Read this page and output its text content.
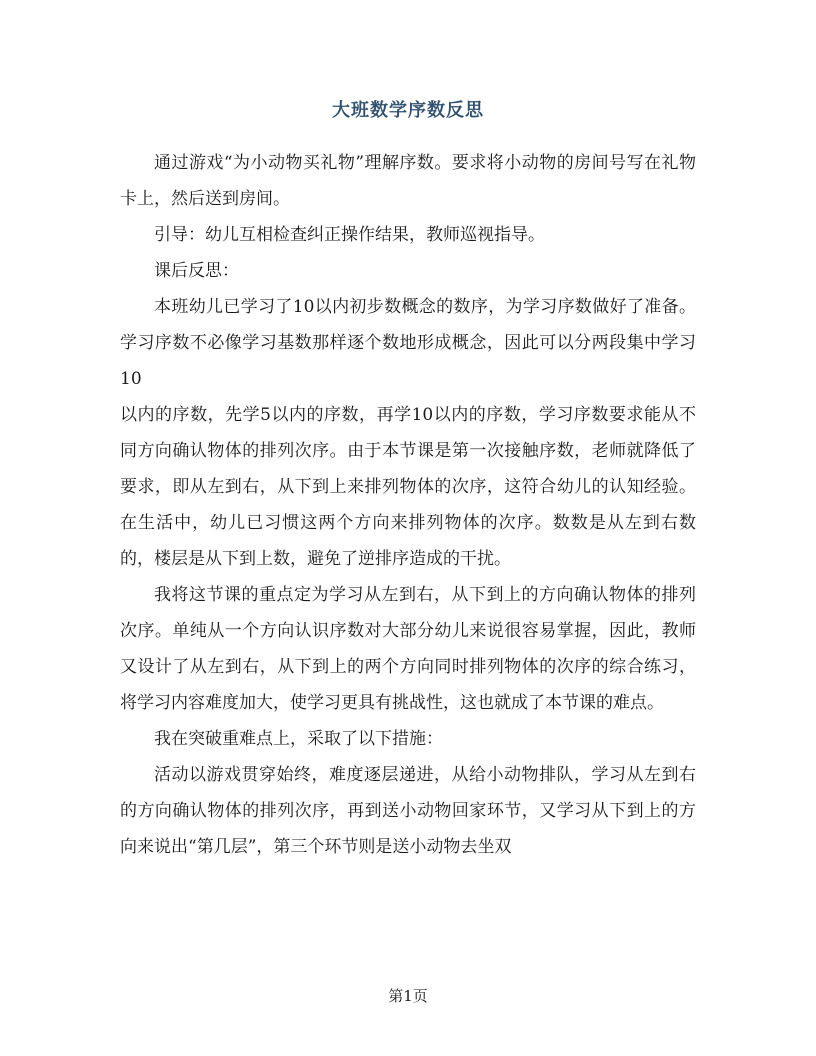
大班数学序数反思

通过游戏“为小动物买礼物”理解序数。要求将小动物的房间号写在礼物卡上，然后送到房间。

引导：幼儿互相检查纠正操作结果，教师巡视指导。

课后反思：

本班幼儿已学习了10以内初步数概念的数序，为学习序数做好了准备。学习序数不必像学习基数那样逐个数地形成概念，因此可以分两段集中学习10

以内的序数，先学5以内的序数，再学10以内的序数，学习序数要求能从不同方向确认物体的排列次序。由于本节课是第一次接触序数，老师就降低了要求，即从左到右，从下到上来排列物体的次序，这符合幼儿的认知经验。在生活中，幼儿已习惯这两个方向来排列物体的次序。数数是从左到右数的，楼层是从下到上数，避免了逆排序造成的干扰。

我将这节课的重点定为学习从左到右，从下到上的方向确认物体的排列次序。单纯从一个方向认识序数对大部分幼儿来说很容易掌握，因此，教师又设计了从左到右，从下到上的两个方向同时排列物体的次序的综合练习，将学习内容难度加大，使学习更具有挑战性，这也就成了本节课的难点。

我在突破重难点上，采取了以下措施：

活动以游戏贯穿始终，难度逐层递进，从给小动物排队，学习从左到右的方向确认物体的排列次序，再到送小动物回家环节，又学习从下到上的方向来说出“第几层”，第三个环节则是送小动物去坐双

第1页
